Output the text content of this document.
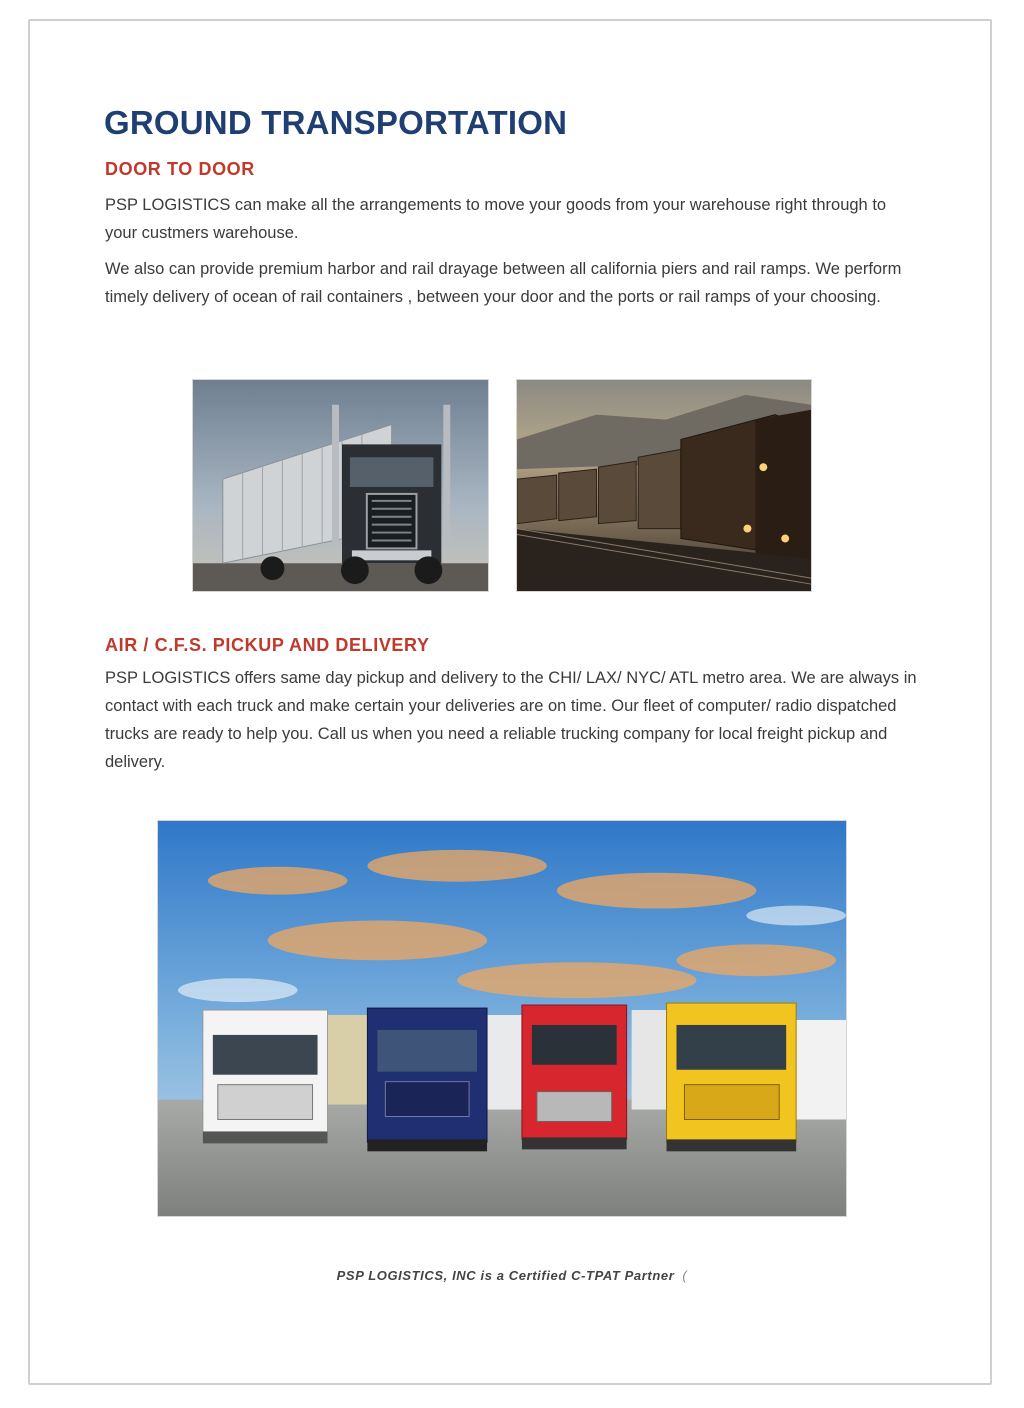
GROUND TRANSPORTATION
DOOR TO DOOR

PSP LOGISTICS can make all the arrangements to move your goods from your warehouse right through to your custmers warehouse.

We also can provide premium harbor and rail drayage between all california piers and rail ramps. We perform timely delivery of ocean of rail containers , between your door and the ports or rail ramps of your choosing.

AIR / C.F.S. PICKUP AND DELIVERY

PSP LOGISTICS offers same day pickup and delivery to the CHI/ LAX/ NYC/ ATL metro area. We are always in contact with each truck and make certain your deliveries are on time. Our fleet of computer/ radio dispatched trucks are ready to help you. Call us when you need a reliable trucking company for local freight pickup and delivery.

PSP LOGISTICS, INC is a Certified C-TPAT Partner (
